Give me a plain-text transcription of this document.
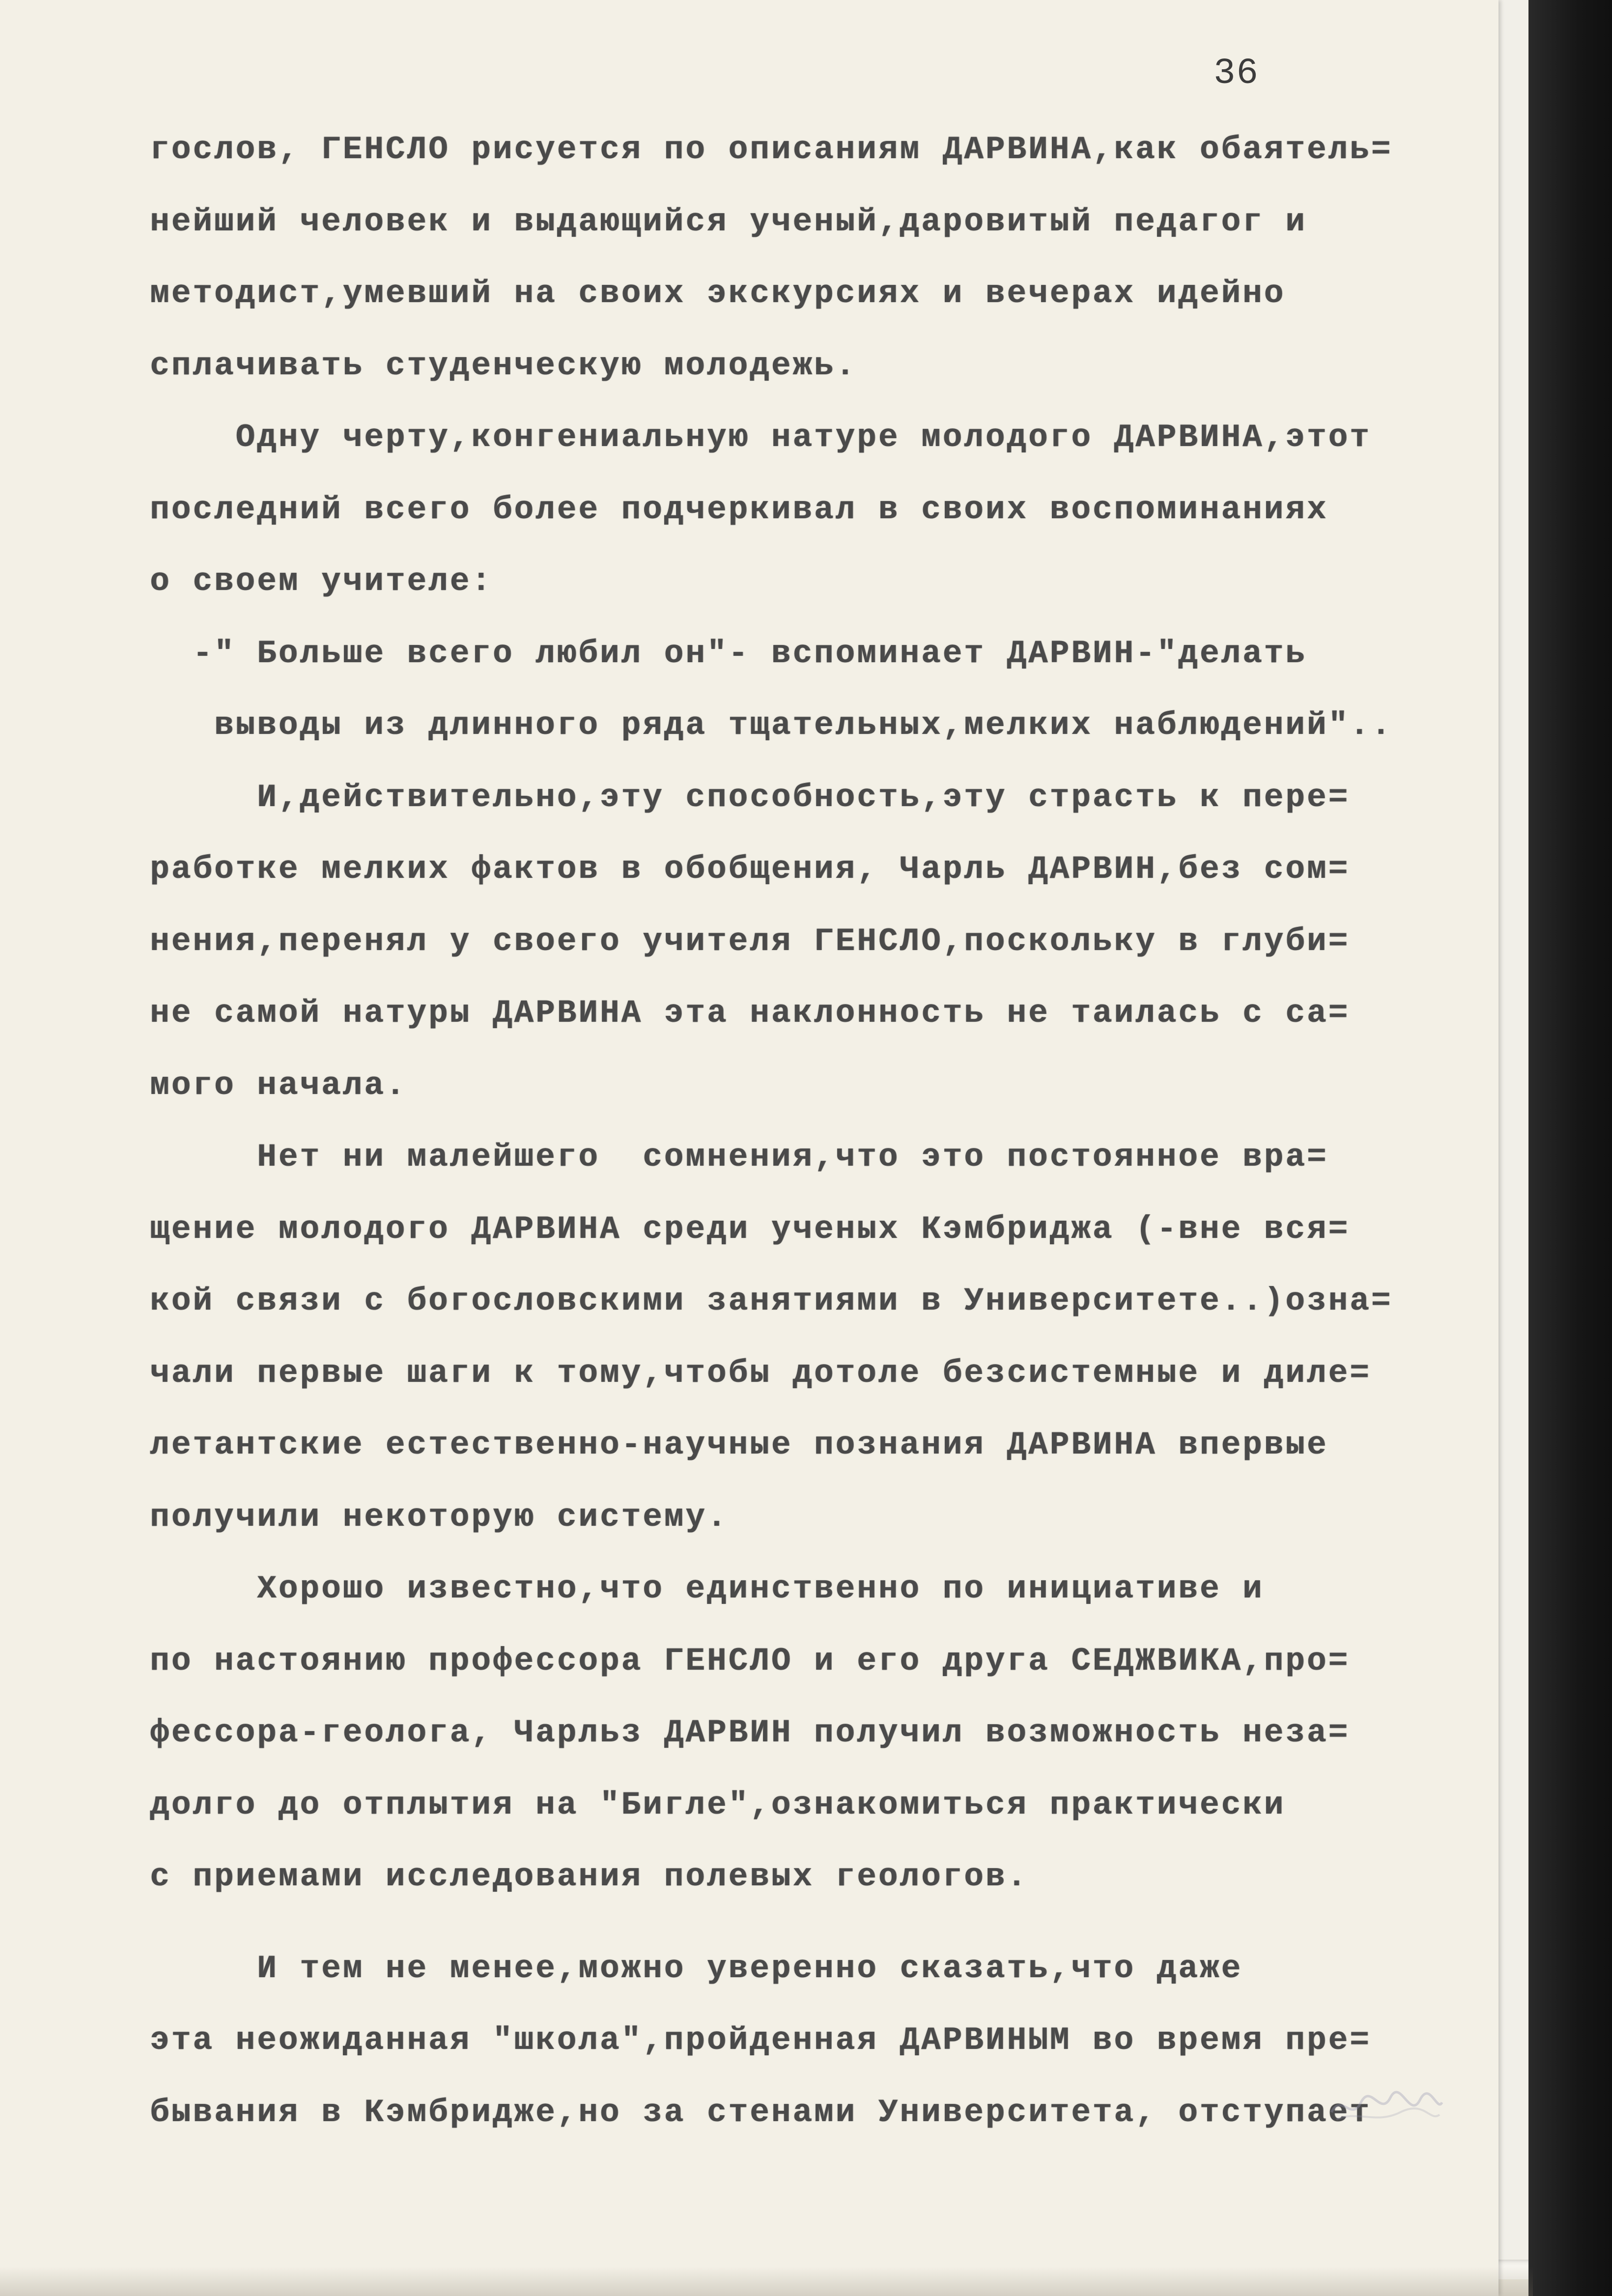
36
гослов, ГЕНСЛО рисуется по описаниям ДАРВИНА,как обаятель=
нейший человек и выдающийся ученый,даровитый педагог и
методист,умевший на своих экскурсиях и вечерах идейно
сплачивать студенческую молодежь.
Одну черту,конгениальную натуре молодого ДАРВИНА,этот
последний всего более подчеркивал в своих воспоминаниях
о своем учителе:
-" Больше всего любил он"- вспоминает ДАРВИН-"делать
выводы из длинного ряда тщательных,мелких наблюдений"..
И,действительно,эту способность,эту страсть к пере=
работке мелких фактов в обобщения, Чарль ДАРВИН,без сом=
нения,перенял у своего учителя ГЕНСЛО,поскольку в глуби=
не самой натуры ДАРВИНА эта наклонность не таилась с са=
мого начала.
Нет ни малейшего  сомнения,что это постоянное вра=
щение молодого ДАРВИНА среди ученых Кэмбриджа (-вне вся=
кой связи с богословскими занятиями в Университете..)озна=
чали первые шаги к тому,чтобы дотоле безсистемные и диле=
летантские естественно-научные познания ДАРВИНА впервые
получили некоторую систему.
Хорошо известно,что единственно по инициативе и
по настоянию профессора ГЕНСЛО и его друга СЕДЖВИКА,про=
фессора-геолога, Чарльз ДАРВИН получил возможность неза=
долго до отплытия на "Бигле",ознакомиться практически
с приемами исследования полевых геологов.
И тем не менее,можно уверенно сказать,что даже
эта неожиданная "школа",пройденная ДАРВИНЫМ во время пре=
бывания в Кэмбридже,но за стенами Университета, отступает
